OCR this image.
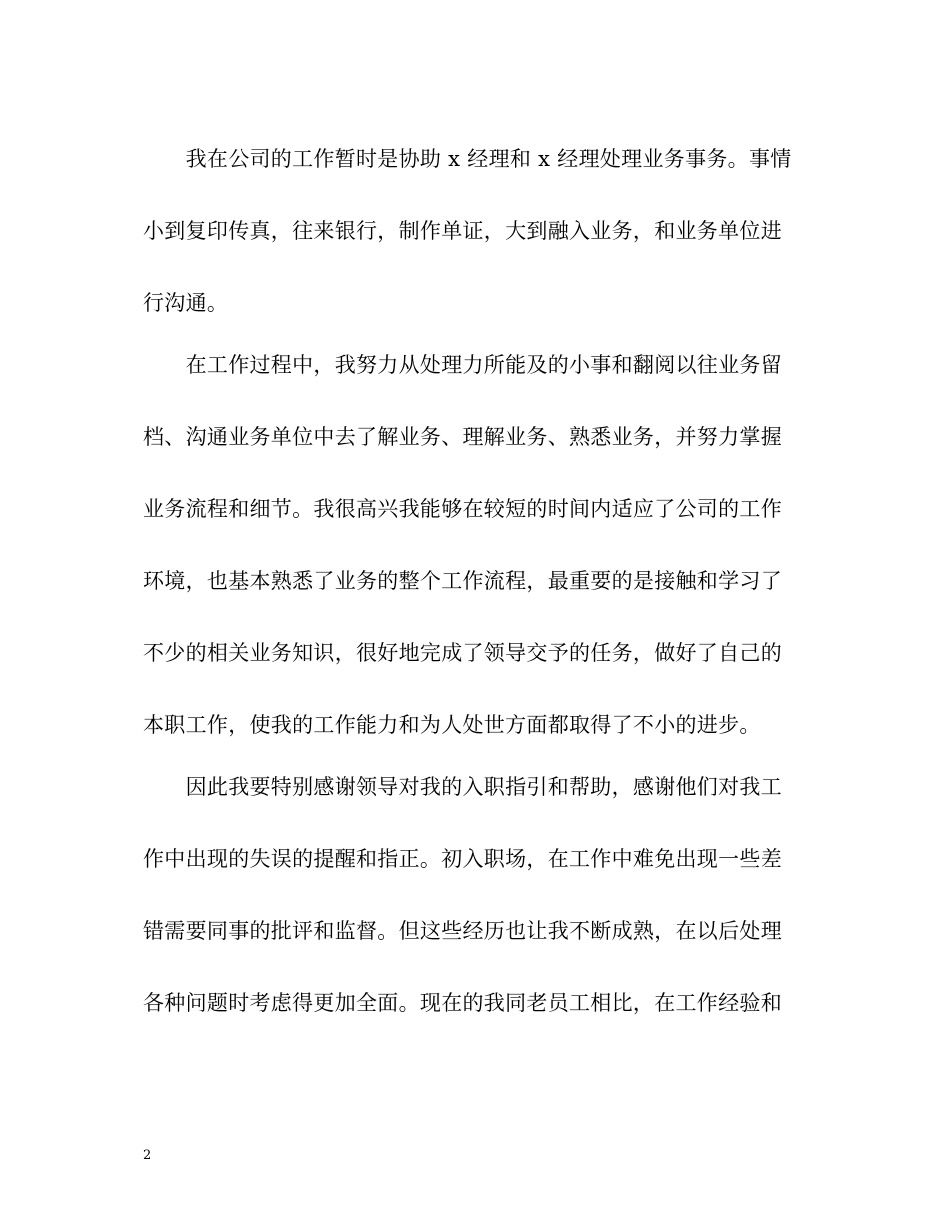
　　我在公司的工作暂时是协助 x 经理和 x 经理处理业务事务。事情
小到复印传真，往来银行，制作单证，大到融入业务，和业务单位进
行沟通。
　　在工作过程中，我努力从处理力所能及的小事和翻阅以往业务留
档、沟通业务单位中去了解业务、理解业务、熟悉业务，并努力掌握
业务流程和细节。我很高兴我能够在较短的时间内适应了公司的工作
环境，也基本熟悉了业务的整个工作流程，最重要的是接触和学习了
不少的相关业务知识，很好地完成了领导交予的任务，做好了自己的
本职工作，使我的工作能力和为人处世方面都取得了不小的进步。
　　因此我要特别感谢领导对我的入职指引和帮助，感谢他们对我工
作中出现的失误的提醒和指正。初入职场，在工作中难免出现一些差
错需要同事的批评和监督。但这些经历也让我不断成熟，在以后处理
各种问题时考虑得更加全面。现在的我同老员工相比，在工作经验和
2
